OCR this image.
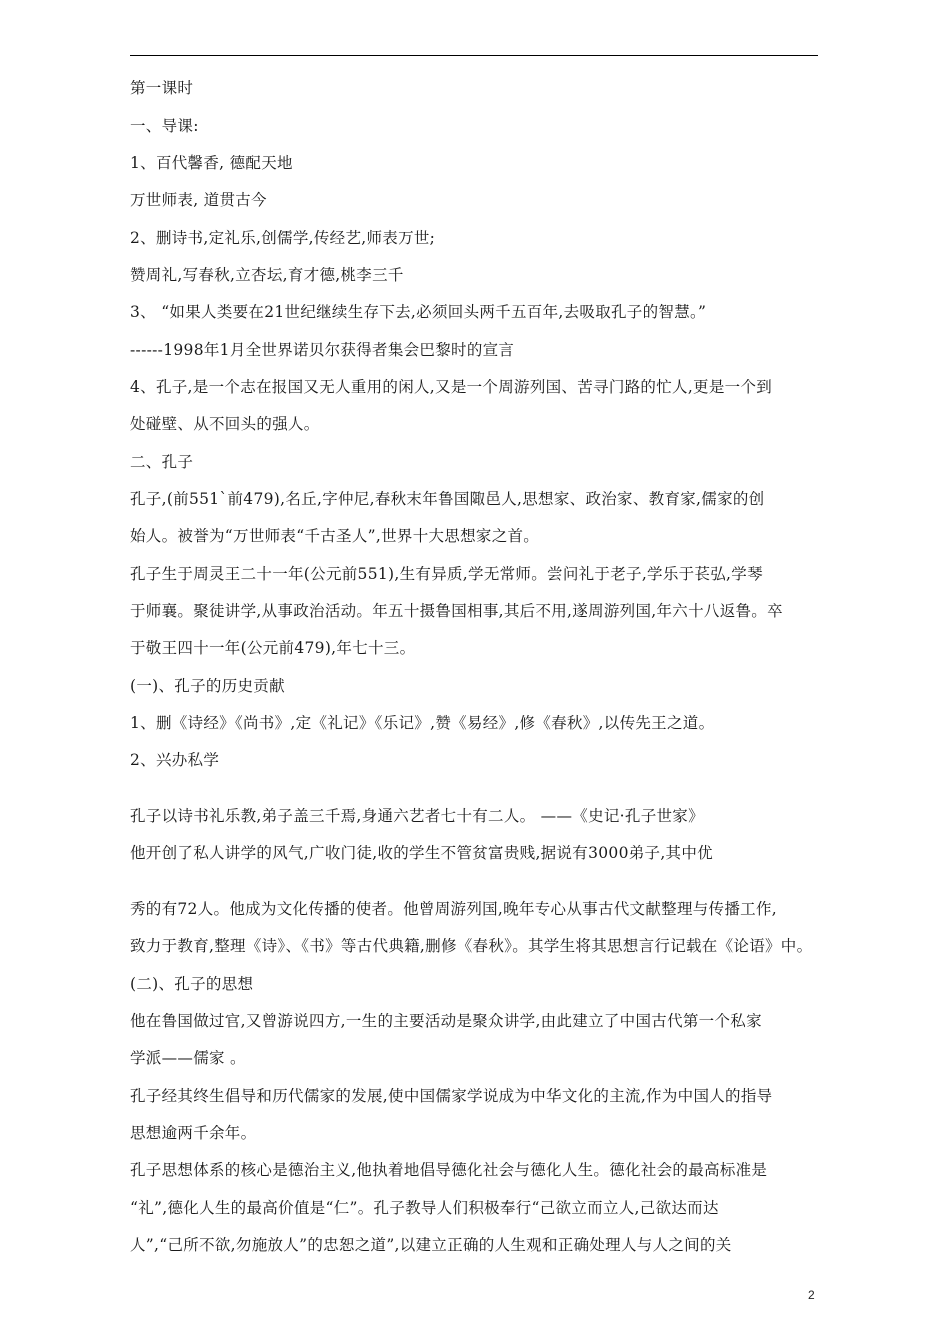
第一课时
一、导课:
1、百代馨香, 德配天地
万世师表, 道贯古今
2、删诗书,定礼乐,创儒学,传经艺,师表万世;
赞周礼,写春秋,立杏坛,育才德,桃李三千
3、 “如果人类要在21世纪继续生存下去,必须回头两千五百年,去吸取孔子的智慧。”
------1998年1月全世界诺贝尔获得者集会巴黎时的宣言
4、孔子,是一个志在报国又无人重用的闲人,又是一个周游列国、苦寻门路的忙人,更是一个到
处碰壁、从不回头的强人。
二、孔子
孔子,(前551`前479),名丘,字仲尼,春秋末年鲁国陬邑人,思想家、政治家、教育家,儒家的创
始人。被誉为“万世师表“千古圣人”,世界十大思想家之首。
孔子生于周灵王二十一年(公元前551),生有异质,学无常师。尝问礼于老子,学乐于苌弘,学琴
于师襄。聚徒讲学,从事政治活动。年五十摄鲁国相事,其后不用,遂周游列国,年六十八返鲁。卒
于敬王四十一年(公元前479),年七十三。
(一)、孔子的历史贡献
1、删《诗经》《尚书》,定《礼记》《乐记》,赞《易经》,修《春秋》,以传先王之道。
2、兴办私学
孔子以诗书礼乐教,弟子盖三千焉,身通六艺者七十有二人。 ——《史记·孔子世家》
他开创了私人讲学的风气,广收门徒,收的学生不管贫富贵贱,据说有3000弟子,其中优
秀的有72人。他成为文化传播的使者。他曾周游列国,晚年专心从事古代文献整理与传播工作,
致力于教育,整理《诗》、《书》等古代典籍,删修《春秋》。其学生将其思想言行记载在《论语》中。
(二)、孔子的思想
他在鲁国做过官,又曾游说四方,一生的主要活动是聚众讲学,由此建立了中国古代第一个私家
学派——儒家 。
孔子经其终生倡导和历代儒家的发展,使中国儒家学说成为中华文化的主流,作为中国人的指导
思想逾两千余年。
孔子思想体系的核心是德治主义,他执着地倡导德化社会与德化人生。德化社会的最高标准是
“礼”,德化人生的最高价值是“仁”。孔子教导人们积极奉行“己欲立而立人,己欲达而达
人”,“己所不欲,勿施放人”的忠恕之道”,以建立正确的人生观和正确处理人与人之间的关
2
